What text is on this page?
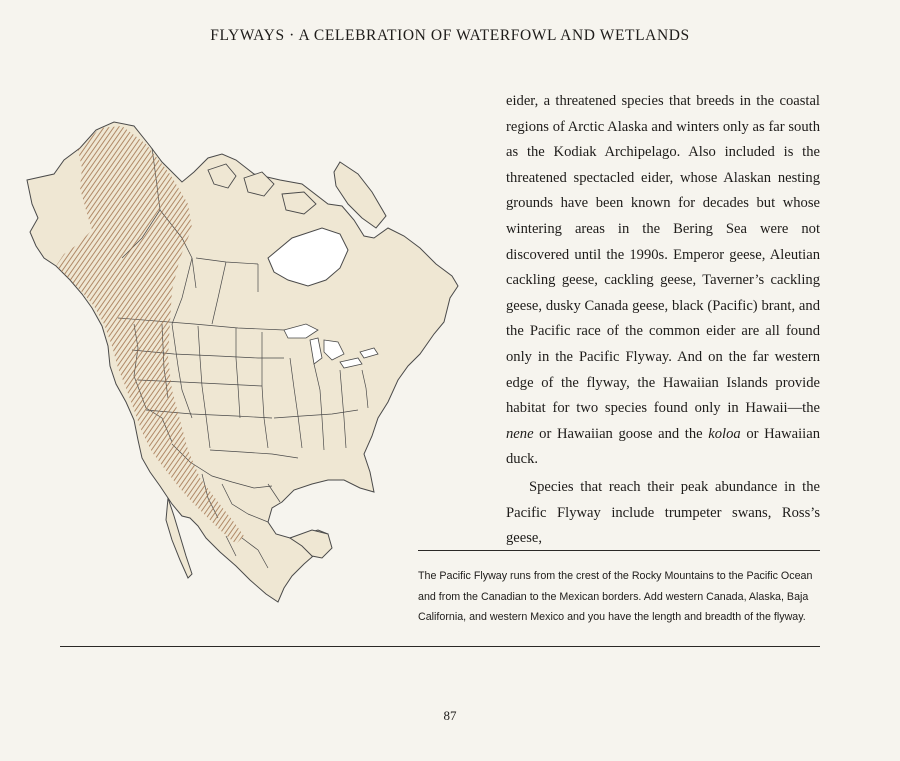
FLYWAYS · A CELEBRATION OF WATERFOWL AND WETLANDS

eider, a threatened species that breeds in the coastal regions of Arctic Alaska and winters only as far south as the Kodiak Archipelago. Also included is the threatened spectacled eider, whose Alaskan nesting grounds have been known for decades but whose wintering areas in the Bering Sea were not discovered until the 1990s. Emperor geese, Aleutian cackling geese, cackling geese, Taverner’s cackling geese, dusky Canada geese, black (Pacific) brant, and the Pacific race of the common eider are all found only in the Pacific Flyway. And on the far western edge of the flyway, the Hawaiian Islands provide habitat for two species found only in Hawaii—the nene or Hawaiian goose and the koloa or Hawaiian duck.

Species that reach their peak abundance in the Pacific Flyway include trumpeter swans, Ross’s geese,

The Pacific Flyway runs from the crest of the Rocky Mountains to the Pacific Ocean and from the Canadian to the Mexican borders. Add western Canada, Alaska, Baja California, and western Mexico and you have the length and breadth of the flyway.
87
